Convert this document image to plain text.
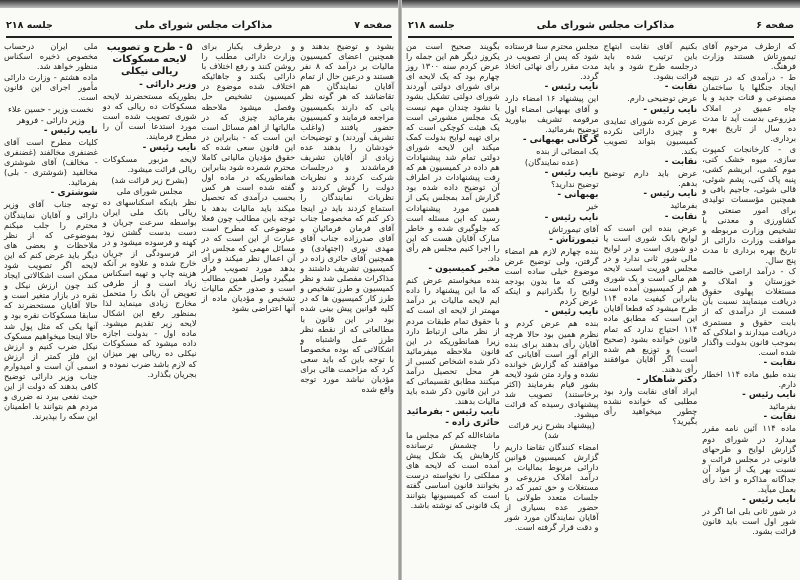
صفحه ۷
مذاکرات مجلس شورای ملی
جلسه ۲۱۸

بشود و توضیح بدهند و همچنین اعضای کمیسیون مالیات بر درآمد که ۸ نفر هستند و درعین حال از تمام آقایان نمایندگان هم تقاضاشد که هر گونه نظر یاتی که دارند بکمیسیون مراجعه فرمایند و کمیسیون حضور یافتند (واغلب تشریف آوردند) و توضیحات خودشان را بدهند عده زیادی از آقایان تشریف فرماشدند و درجلسات شرکت کردند و نظریات دولت را گوش کردند و نظریات نمایندگان را استماع کردند باید در اینجا ذکر کنم که مخصوصاً جناب آقای فرمان فرمائیان و آقای صدرزاده جناب آقای مهدی نوری (اجتهادی) و همچنین آقای حائری زاده در کمیسیون تشریف داشتند و مذاکرات مفصلی شد و نظر کمیسیون و طرز تشخیص و طرز کار کمیسیون ها که در کلیه قوانین پیش بینی شده بود در این قانون با مطالعاتی که از نقطه نظر طرز عمل واشتباه و اشکالاتی که بوده مخصوصاً با توجه باین که باید سعی کرد که مزاحمت هائی برای مؤدیان نباشد مورد توجه واقع شده

و درطرف یکبار برای وزارت دارائی مطلب را روشن کنند و رفع اختلاف با دارائی بکنند و جاهائیکه اختلاف شده موضوع در کمیسیون تشخیص حل وفصل میشود ملاحظه بفرمائید چیزی که در مالیاتها از اهم مسائل است این است که - بنابراین در این قانون سعی شده که حقوق مؤدیان مالیاتی کاملا محترم شمرده شود بنابراین همانطوریکه در ماده اول گفته شده است هر کس بحسب درآمدی که تحصیل میکند باید مالیات بدهد با توجه باین مطالب چون فعلا موضوعی که مطرح است عبارت از این است که در مسائل مهمی که مجلس در آن اعمال نظر میکند و رأی بدهد مورد تصویب قرار میگیرد واصل همین مطالب است و صدور حکم مالیات تشخیص و مؤدیان ماده از آنها اعتراضی بشود

۵ - طرح و تصویب لایحه مسکوکات ریالی نیکلی

وزیر دارائی -

بطوریکه مستحضرند لایحه مسکوکات ده ریالی که دو شوری تصویب شده است مورد استدعا است آن را مطرح فرمایند.

نایب رئیس -

لایحه مزبور مسکوکات ریالی قرائت میشود.

(بشرح زیر قرائت شد)

مجلس شورای ملی

نظر باینکه اسکناسهای ده ریالی بانک ملی ایران بواسطه سرعت جریان و دست بدست گشتن زود کهنه و فرسوده میشود و در اثر فرسودگی از جریان خارج شده و علاوه بر آنکه هزینه چاپ و تهیه اسکناس زیاد است و از طرفی تعویض آن بانک را متحمل مخارج زیادی مینماید لذا بمنظور رفع این اشکال لایحه زیر تقدیم میشود. ماده اول - بدولت اجازه داده میشود که مسکوکات نیکلی ده ریالی بهر میزان که لازم باشد ضرب نموده و بجریان بگذارد.

ملی ایران درحساب مخصوص ذخیره اسکناس منظور خواهد شد.

ماده هشتم - وزارت دارائی مأمور اجرای این قانون است.

نخست وزیر - حسین علاء

وزیر دارائی - فروهر

نایب رئیس -

کلیات مطرح است آقای غضنفری مخالفند (غضنفری - مخالف) آقای شوشتری مخالفید (شوشتری - بلی) بفرمائید.

شوشتری -

توجه جناب آقای وزیر دارائی و آقایان نمایندگان محترم را جلب میکنم بموضوعی که از نظر ملاحظات و بعضی های دیگر باید عرض کنم که این لایحه اگر تصویب شود ممکن است اشکالاتی ایجاد کند چون ارزش نیکل و نقره در بازار متغیر است و حالا آقایان مستحضرند که سابقا مسکوکات نقره بود و آنها یکی که مثل پول شد حالا اینجا میخواهیم مسکوک نیکل ضرب کنیم و ارزش این فلز کمتر از ارزش اسمی آن است و امیدوارم جناب وزیر دارائی توضیح کافی بدهند که دولت از این حیث نفعی ببرد نه ضرری و مردم هم بتوانند با اطمینان این سکه را بپذیرند.

صفحه ۶
مذاکرات مجلس شورای ملی
جلسه ۲۱۸

که ازطرف مرحوم آقای تیمورتاش هستند وزارت فرهنگ.

ط - درآمدی که در نتیجه ایجاد جنگلها یا ساختمان مصنوعی و قنات جدید و یا چاه عمیق در املاک مزروعی بدست آید تا مدت ده سال از تاریخ بهره برداری.

ی - کارخانجات کمپوت سازی، میوه خشک کنی، موم کشی، ابریشم کشی، پنبه پاک کنی، پشم شوئی، قالی شوئی، جاجیم بافی و همچنین مؤسسات تولیدی برای امور صنعتی و کشاورزی و معدنی با تشخیص وزارت مربوطه و موافقت وزارت دارائی از تاریخ بهره برداری تا مدت پنج سال.

ک - درآمد اراضی خالصه خوزستان و املاک و مستغلات پهلوی حقوق دریافت مینمایند نسبت بآن قسمت از درآمدی که از بابت حقوق و مستمری دریافت میدارند و املاکی که بموجب قانون بدولت واگذار شده است.

نقابت -

بنده طبق ماده ۱۱۴ اخطار دارم.

نایب رئیس -

بفرمائید

نقابت -

ماده ۱۱۴ آئین نامه مقرر میدارد در شورای دوم گزارش لوایح و طرحهای قانونی در مجلس قرائت و نسبت بهر یک از مواد آن جداگانه مذاکره و اخذ رأی بعمل میآید.

نایب رئیس -

در شور ثانی بلی اما اگر در شور اول است باید قانون قرائت بشود.

بکنیم آقای نقابت ابتهاج باین ترتیب شده باید درجلسه طرح شود و باید قرائت بشود.

نقابت -

عرض توضیحی دارم.

نایب رئیس -

عرض کرده شورای تمایدی و چیزی دارائی نکرده کمیسیون بتواند تصویب بکند.

نقابت -

عرض باید دارم توضیح بدهم.

نایب رئیس -

بفرمائید

نقابت -

عرض بنده این است که لوایح بانک شوری است یا دو شوری است و در لوایح مالی شور ثانی ندارد و در مجلس فوریت است لایحه هم مالی است و یک شوری هم از کمیسیون آمده است بنابراین کیفیت ماده ۱۱۴ طرح میشود که قطعا آقایان این است که مطابق ماده ۱۱۴ احتیاج ندارد که تمام قانون خوانده بشود (صحیح است) و توزیع هم شده است اگر آقایان موافقند رأی بدهند.

دکتر شاهکار -

ایراد آقای نقابت وارد بود مطلبی که خوانده نشده چطور میخواهید رأی بگیرید؟

مجلس محترم سنا فرستاده شود که پس از تصویب در مدت مقرر رأی نهائی اتخاذ گردد.

نایب رئیس -

این پیشنهاد ۱۶ امضاء دارد و آقای بهبهانی امضاء اول مرقومه تشریف بیاورید توضیح بفرمائید.

گرگانی بهبهانی -

یک امضائی از بنده

(عده نمایندگان)

نایب رئیس -

توضیح ندارید؟

بهبهانی -

خیر

نایب رئیس -

آقای تیمورتاش

تیمورتاش -

بنده چهارم لازم هم امضاء گرفتن، ولی توضیح عرض موضوع خیلی ساده است وقتی که ما بدون بودجه لوایح را بگذرانیم و اینکه عرض کردم

نایب رئیس -

بنده هم عرض کردم و نظرم همین بود حالا هرچه آقایان رأی بدهند برای بنده الزام آور است آقایانی که موافقند که گزارش خوانده نشده و وارد متن شود لایحه بشور قیام بفرمایند (اکثر برخاستند) تصویب شد پیشنهادی رسیده که قرائت میشود.

(پیشنهاد بشرح زیر قرائت شد)

امضاء کنندگان تقاضا داریم گزارش کمیسیون قوانین دارائی مربوط بمالیات بر درآمد املاک مزروعی و مستغلات و حق تمبر که در جلسات متعدد طولانی با حضور عده بسیاری از آقایان نمایندگان مورد شور و دقت قرار گرفته است.

بگویند صحیح است من یکروز دیگر هم این جمله را عرض کردم سنه ۱۳۰۰ روز چهارم بود که یک لایحه ای برای شورای دولتی آوردند شورای دولتی تشکیل بشود یا نشود چندان مهم نیست یک مجلس مشورتی است یک هیئت کوچکی است که برای تهیه لوایح بدولت کمک میکند این لایحه شورای دولتی تمام شد پیشنهادات هم داده در کمیسیون هم که رفت پیشنهادات در اطراف آن توضیح داده شده بود گزارش آمد بمجلس یکی از همین مورد پیشنهادات رسید که این مسئله است که جلوگیری شده و خاطر مبارک آقایان هست که این را اجرا کنیم مجلس هم رأی داد.

مخبر کمیسیون -

بنده میخواستم عرض کنم که ما این پیشنهاد را داده ایم لایحه مالیات بر درآمد مهمتر از لایحه ای است که با حقوق تمام طبقات مردم از نظر مالی ارتباط دارد زیرا همانطوریکه در این قانون ملاحظه میفرمائید ذکر شده اشخاص کسبی از هر محل تحصیل درآمد میکنند مطابق تقسیماتی که در این قانون ذکر شده باید مالیات بدهند.

نایب رئیس - بفرمائید

حائری زاده -

ماشاءالله کم کم مجلس ما را چشمش ترسانده کارهایش یک شکل پیش آمده است که لایحه های مملکتی را نخواسته درست بخوانند قانون اساسی گفته است که کمیسیونها بتوانند یک قانونی که نوشته باشد.
